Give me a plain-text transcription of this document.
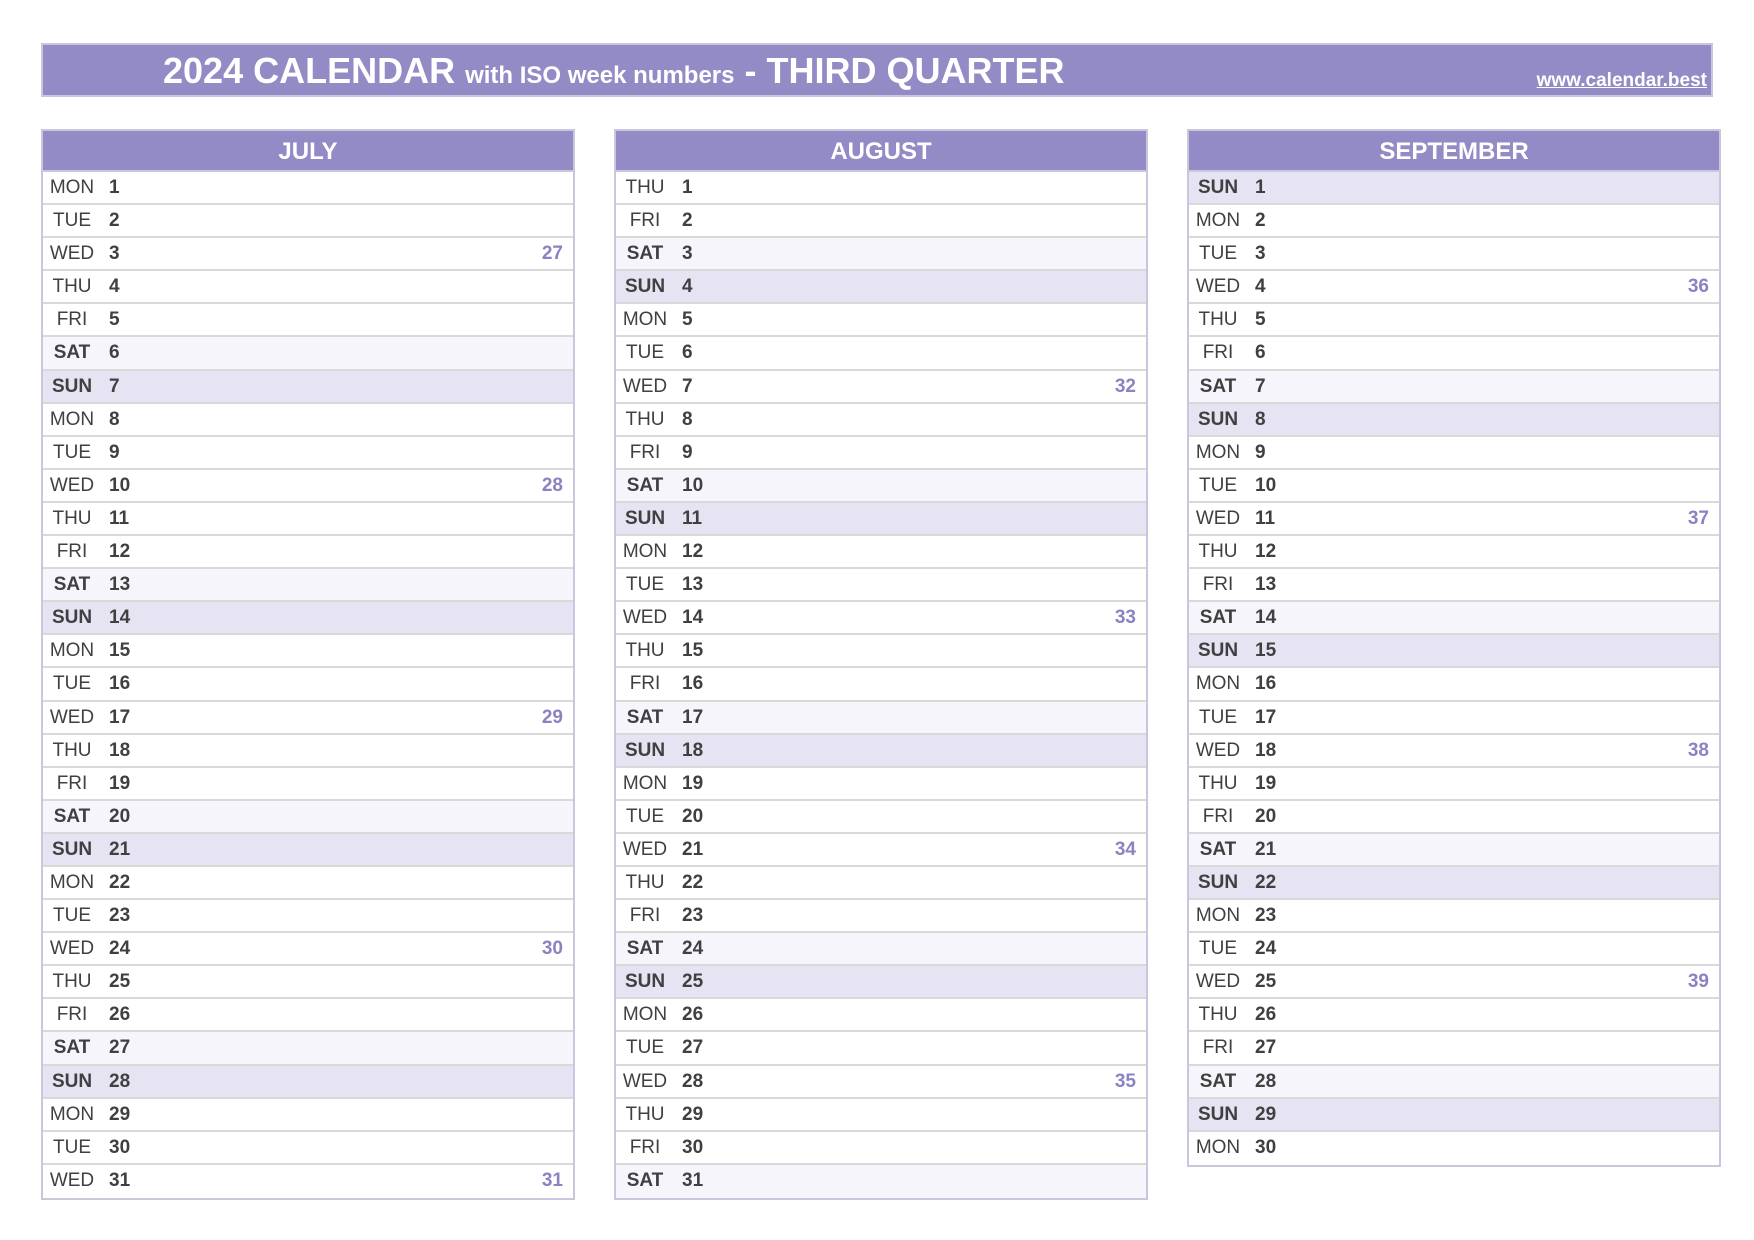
2024 CALENDAR with ISO week numbers - THIRD QUARTER	www.calendar.best
JULY
MON 1
TUE 2
WED 3	27
THU 4
FRI	5
SAT 6
SUN 7
MON 8
TUE 9
WED 10	28
THU 11
FRI	12
SAT 13
SUN 14
MON 15
TUE 16
WED 17	29
THU 18
FRI	19
SAT 20
SUN 21
MON 22
TUE 23
WED 24	30
THU 25
FRI	26
SAT 27
SUN 28
MON 29
TUE 30
WED 31	31
AUGUST
THU 1
FRI	2
SAT 3
SUN 4
MON 5
TUE 6
WED 7	32
THU 8
FRI	9
SAT 10
SUN 11
MON 12
TUE 13
WED 14	33
THU 15
FRI	16
SAT 17
SUN 18
MON 19
TUE 20
WED 21	34
THU 22
FRI	23
SAT 24
SUN 25
MON 26
TUE 27
WED 28	35
THU 29
FRI	30
SAT 31
SEPTEMBER
SUN 1
MON 2
TUE 3
WED 4	36
THU 5
FRI	6
SAT 7
SUN 8
MON 9
TUE 10
WED 11	37
THU 12
FRI	13
SAT 14
SUN 15
MON 16
TUE 17
WED 18	38
THU 19
FRI	20
SAT 21
SUN 22
MON 23
TUE 24
WED 25	39
THU 26
FRI	27
SAT 28
SUN 29
MON 30
